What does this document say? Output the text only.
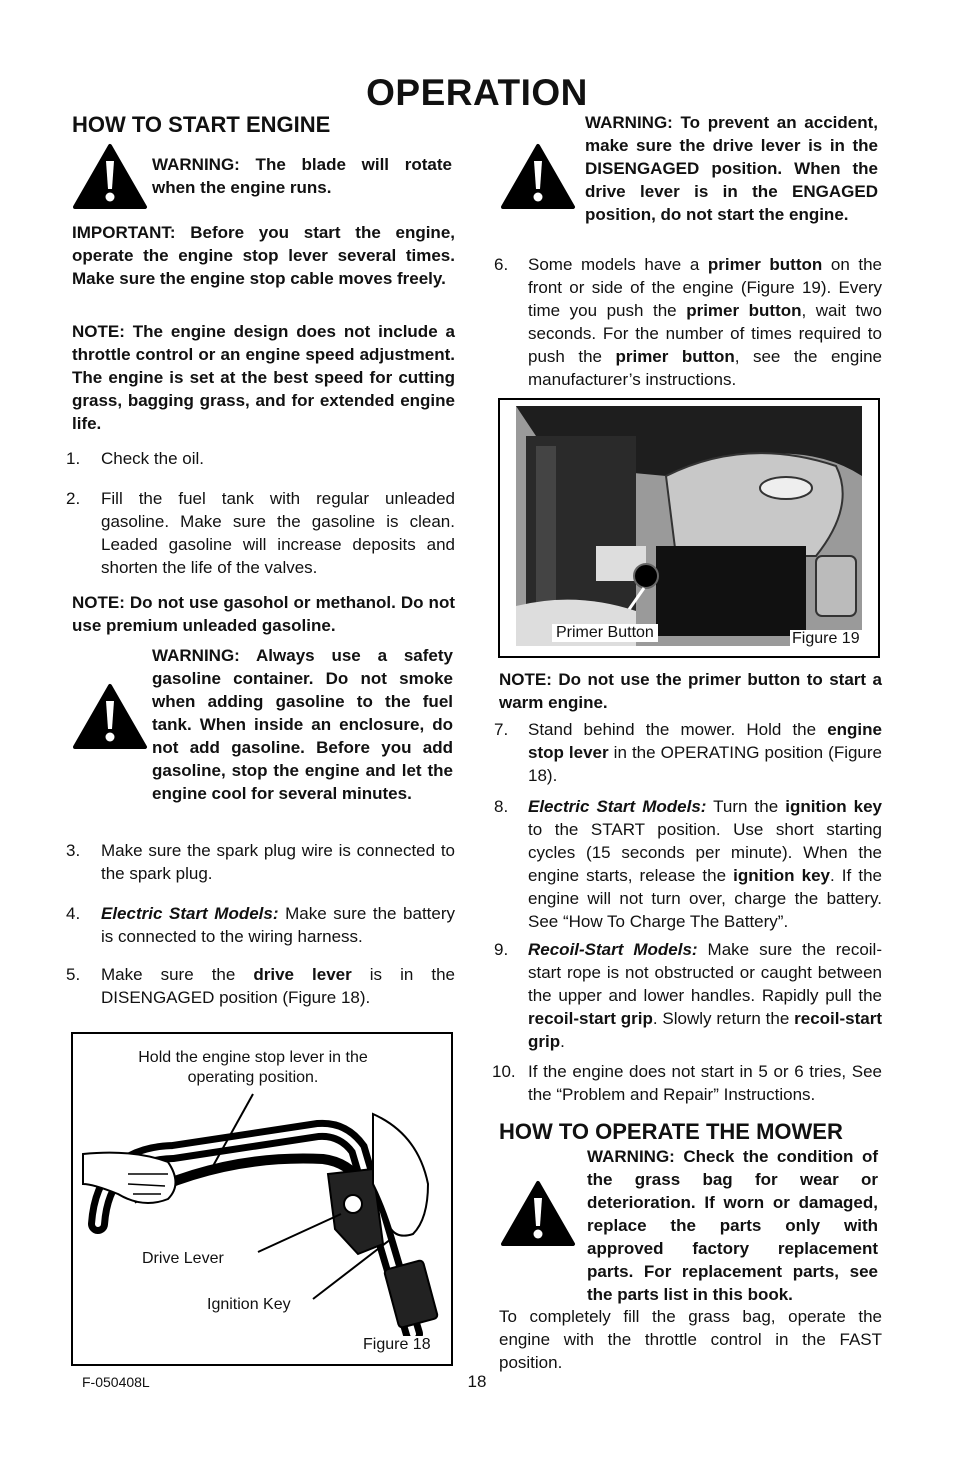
OPERATION
HOW TO START ENGINE
WARNING: The blade will rotate when the engine runs.
IMPORTANT: Before you start the engine, operate the engine stop lever several times. Make sure the engine stop cable moves freely.
NOTE: The engine design does not include a throttle control or an engine speed adjustment. The engine is set at the best speed for cutting grass, bagging grass, and for extended engine life.
1. Check the oil.
2. Fill the fuel tank with regular unleaded gasoline. Make sure the gasoline is clean. Leaded gasoline will increase deposits and shorten the life of the valves.
NOTE: Do not use gasohol or methanol. Do not use premium unleaded gasoline.
WARNING: Always use a safety gasoline container. Do not smoke when adding gasoline to the fuel tank. When inside an enclosure, do not add gasoline. Before you add gasoline, stop the engine and let the engine cool for several minutes.
3. Make sure the spark plug wire is connected to the spark plug.
4. Electric Start Models: Make sure the battery is connected to the wiring harness.
5. Make sure the drive lever is in the DISENGAGED position (Figure 18).
Hold the engine stop lever in the operating position.
Drive Lever
Ignition Key
Figure 18
WARNING: To prevent an accident, make sure the drive lever is in the DISENGAGED position. When the drive lever is in the ENGAGED position, do not start the engine.
6. Some models have a primer button on the front or side of the engine (Figure 19). Every time you push the primer button, wait two seconds. For the number of times required to push the primer button, see the engine manufacturer’s instructions.
Primer Button	Figure 19
NOTE: Do not use the primer button to start a warm engine.
7. Stand behind the mower. Hold the engine stop lever in the OPERATING position (Figure 18).
8. Electric Start Models: Turn the ignition key to the START position. Use short starting cycles (15 seconds per minute). When the engine starts, release the ignition key. If the engine will not turn over, charge the battery. See “How To Charge The Battery”.
9. Recoil-Start Models: Make sure the recoil-start rope is not obstructed or caught between the upper and lower handles. Rapidly pull the recoil-start grip. Slowly return the recoil-start grip.
10. If the engine does not start in 5 or 6 tries, See the “Problem and Repair” Instructions.
HOW TO OPERATE THE MOWER
WARNING: Check the condition of the grass bag for wear or deterioration. If worn or damaged, replace the parts only with approved factory replacement parts. For replacement parts, see the parts list in this book.
To completely fill the grass bag, operate the engine with the throttle control in the FAST position.
F-050408L	18
